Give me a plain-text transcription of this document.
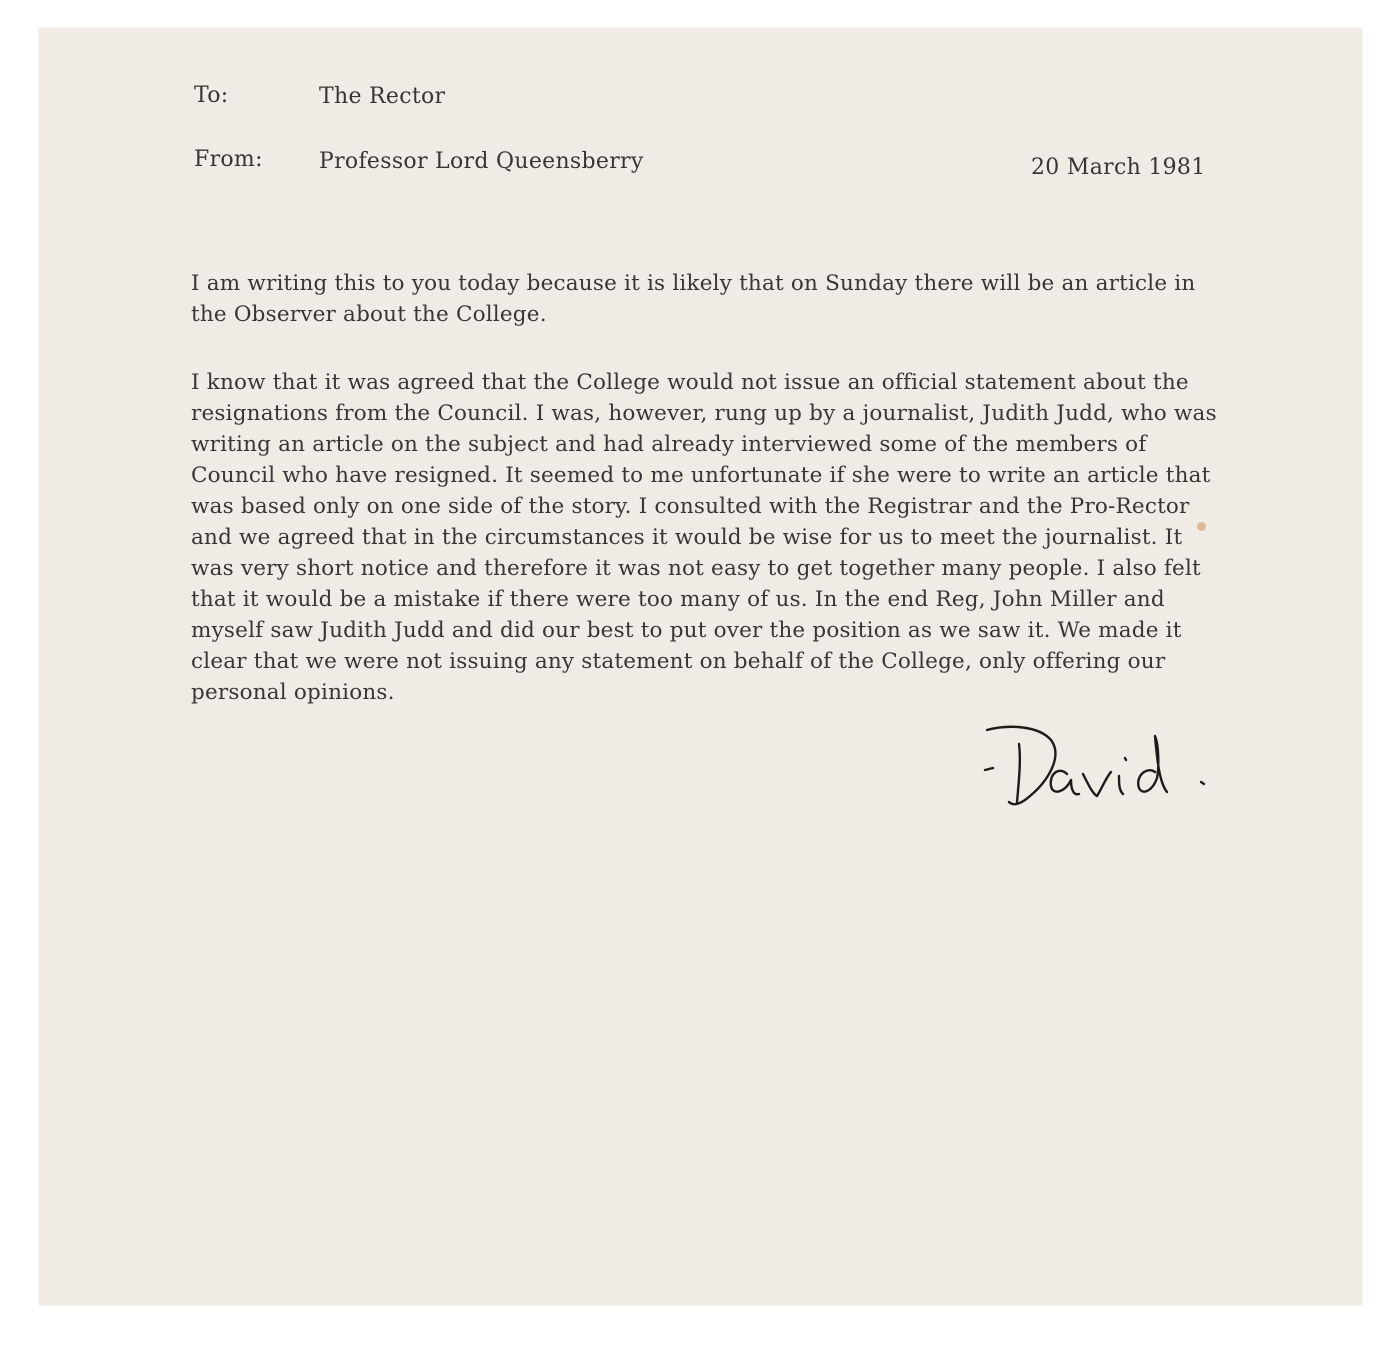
To:	The Rector
From:	Professor Lord Queensberry	20 March 1981
I am writing this to you today because it is likely that on Sunday there will be an article in the Observer about the College.
I know that it was agreed that the College would not issue an official statement about the resignations from the Council. I was, however, rung up by a journalist, Judith Judd, who was writing an article on the subject and had already interviewed some of the members of Council who have resigned. It seemed to me unfortunate if she were to write an article that was based only on one side of the story. I consulted with the Registrar and the Pro-Rector and we agreed that in the circumstances it would be wise for us to meet the journalist. It was very short notice and therefore it was not easy to get together many people. I also felt that it would be a mistake if there were too many of us. In the end Reg, John Miller and myself saw Judith Judd and did our best to put over the position as we saw it. We made it clear that we were not issuing any statement on behalf of the College, only offering our personal opinions.
